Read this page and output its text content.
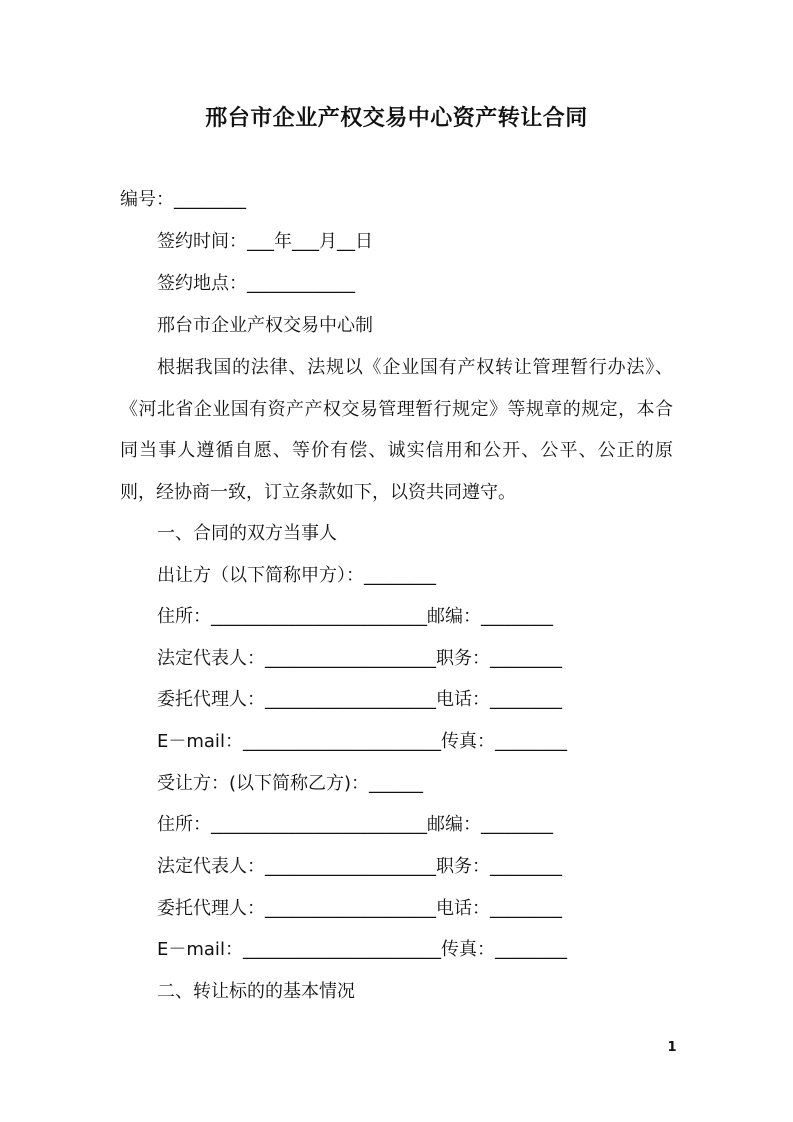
邢台市企业产权交易中心资产转让合同
编号：________
签约时间：___年___月__日
签约地点：____________
邢台市企业产权交易中心制
根据我国的法律、法规以《企业国有产权转让管理暂行办法》、《河北省企业国有资产产权交易管理暂行规定》等规章的规定，本合同当事人遵循自愿、等价有偿、诚实信用和公开、公平、公正的原则，经协商一致，订立条款如下，以资共同遵守。
一、合同的双方当事人
出让方（以下简称甲方）：________
住所：________________________邮编：________
法定代表人：___________________职务：________
委托代理人：___________________电话：________
E－mail：______________________传真：________
受让方：(以下简称乙方)：______
住所：________________________邮编：________
法定代表人：___________________职务：________
委托代理人：___________________电话：________
E－mail：______________________传真：________
二、转让标的的基本情况
1
